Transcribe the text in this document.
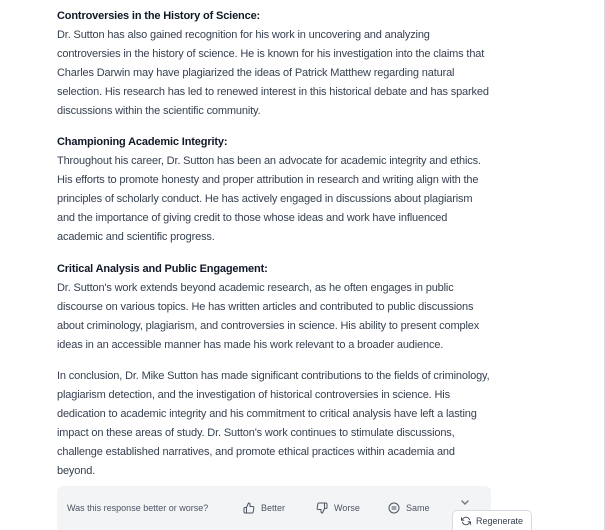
Controversies in the History of Science:
Dr. Sutton has also gained recognition for his work in uncovering and analyzing
controversies in the history of science. He is known for his investigation into the claims that
Charles Darwin may have plagiarized the ideas of Patrick Matthew regarding natural
selection. His research has led to renewed interest in this historical debate and has sparked
discussions within the scientific community.
Championing Academic Integrity:
Throughout his career, Dr. Sutton has been an advocate for academic integrity and ethics.
His efforts to promote honesty and proper attribution in research and writing align with the
principles of scholarly conduct. He has actively engaged in discussions about plagiarism
and the importance of giving credit to those whose ideas and work have influenced
academic and scientific progress.
Critical Analysis and Public Engagement:
Dr. Sutton's work extends beyond academic research, as he often engages in public
discourse on various topics. He has written articles and contributed to public discussions
about criminology, plagiarism, and controversies in science. His ability to present complex
ideas in an accessible manner has made his work relevant to a broader audience.
In conclusion, Dr. Mike Sutton has made significant contributions to the fields of criminology,
plagiarism detection, and the investigation of historical controversies in science. His
dedication to academic integrity and his commitment to critical analysis have left a lasting
impact on these areas of study. Dr. Sutton's work continues to stimulate discussions,
challenge established narratives, and promote ethical practices within academia and
beyond.
Was this response better or worse?	Better	Worse	Same
Regenerate
